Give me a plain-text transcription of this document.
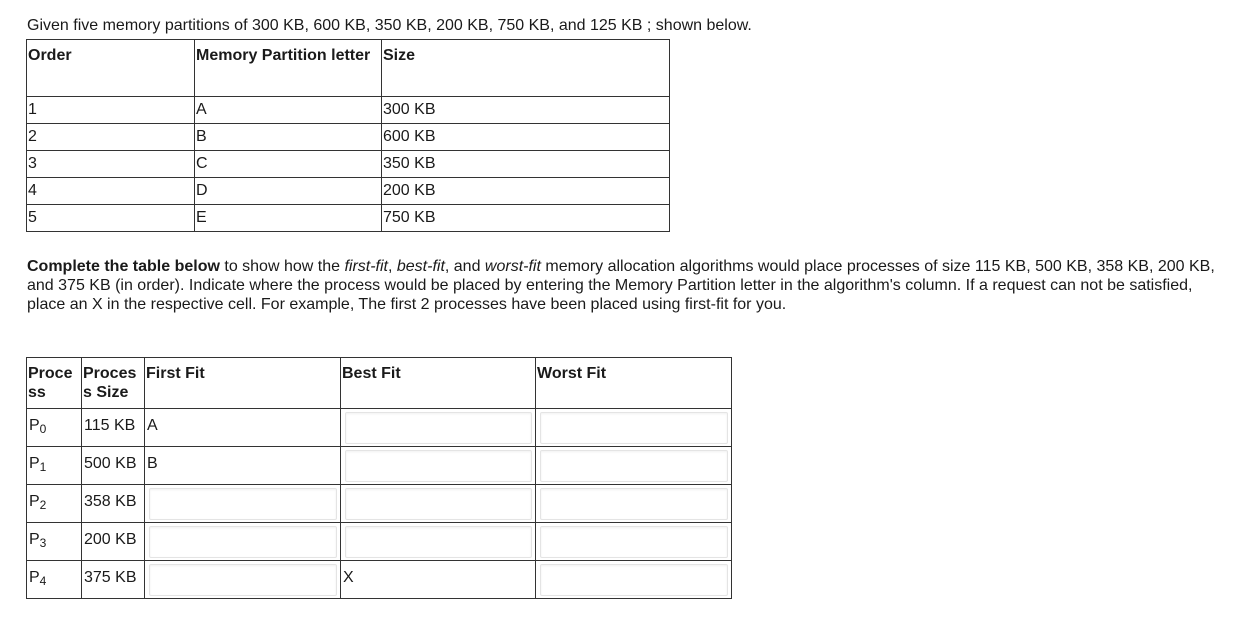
Given five memory partitions of 300 KB, 600 KB, 350 KB, 200 KB, 750 KB, and 125 KB ; shown below.
Order	Memory Partition letter	Size
1	A	300 KB
2	B	600 KB
3	C	350 KB
4	D	200 KB
5	E	750 KB
Complete the table below to show how the first-fit, best-fit, and worst-fit memory allocation algorithms would place processes of size 115 KB, 500 KB, 358 KB, 200 KB, and 375 KB (in order). Indicate where the process would be placed by entering the Memory Partition letter in the algorithm's column. If a request can not be satisfied, place an X in the respective cell. For example, The first 2 processes have been placed using first-fit for you.
Proce ss	Proces s Size	First Fit	Best Fit	Worst Fit

$P_0$	115 KB	A		

$P_1$	500 KB	B		

$P_2$	358 KB			

$P_3$	200 KB			

$P_4$	375 KB		X	
